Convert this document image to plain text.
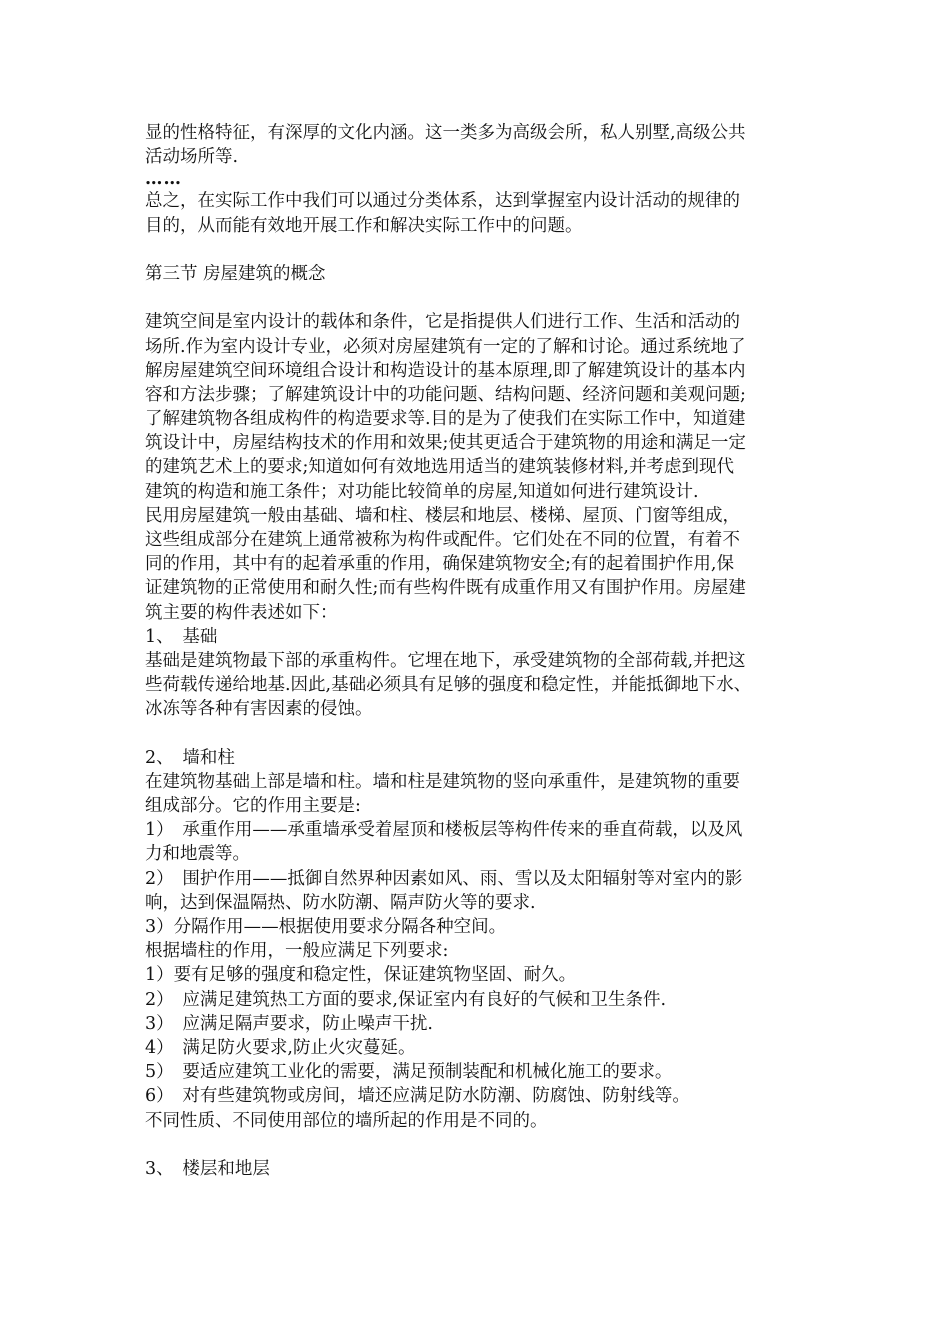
显的性格特征，有深厚的文化内涵。这一类多为高级会所，私人别墅,高级公共
活动场所等.
……
总之，在实际工作中我们可以通过分类体系，达到掌握室内设计活动的规律的
目的，从而能有效地开展工作和解决实际工作中的问题。
第三节 房屋建筑的概念
建筑空间是室内设计的载体和条件，它是指提供人们进行工作、生活和活动的
场所.作为室内设计专业，必须对房屋建筑有一定的了解和讨论。通过系统地了
解房屋建筑空间环境组合设计和构造设计的基本原理,即了解建筑设计的基本内
容和方法步骤；了解建筑设计中的功能问题、结构问题、经济问题和美观问题;
了解建筑物各组成构件的构造要求等.目的是为了使我们在实际工作中，知道建
筑设计中，房屋结构技术的作用和效果;使其更适合于建筑物的用途和满足一定
的建筑艺术上的要求;知道如何有效地选用适当的建筑装修材料,并考虑到现代
建筑的构造和施工条件；对功能比较简单的房屋,知道如何进行建筑设计.
民用房屋建筑一般由基础、墙和柱、楼层和地层、楼梯、屋顶、门窗等组成，
这些组成部分在建筑上通常被称为构件或配件。它们处在不同的位置，有着不
同的作用，其中有的起着承重的作用，确保建筑物安全;有的起着围护作用,保
证建筑物的正常使用和耐久性;而有些构件既有成重作用又有围护作用。房屋建
筑主要的构件表述如下：
1、　基础
基础是建筑物最下部的承重构件。它埋在地下，承受建筑物的全部荷载,并把这
些荷载传递给地基.因此,基础必须具有足够的强度和稳定性，并能抵御地下水、
冰冻等各种有害因素的侵蚀。
2、　墙和柱
在建筑物基础上部是墙和柱。墙和柱是建筑物的竖向承重件，是建筑物的重要
组成部分。它的作用主要是:
1）　承重作用——承重墙承受着屋顶和楼板层等构件传来的垂直荷载，以及风
力和地震等。
2）　围护作用——抵御自然界种因素如风、雨、雪以及太阳辐射等对室内的影
响，达到保温隔热、防水防潮、隔声防火等的要求.
3）分隔作用——根据使用要求分隔各种空间。
根据墙柱的作用，一般应满足下列要求:
1）要有足够的强度和稳定性，保证建筑物坚固、耐久。
2）　应满足建筑热工方面的要求,保证室内有良好的气候和卫生条件.
3）　应满足隔声要求，防止噪声干扰.
4）　满足防火要求,防止火灾蔓延。
5）　要适应建筑工业化的需要，满足预制装配和机械化施工的要求。
6）　对有些建筑物或房间，墙还应满足防水防潮、防腐蚀、防射线等。
不同性质、不同使用部位的墙所起的作用是不同的。
3、　楼层和地层
